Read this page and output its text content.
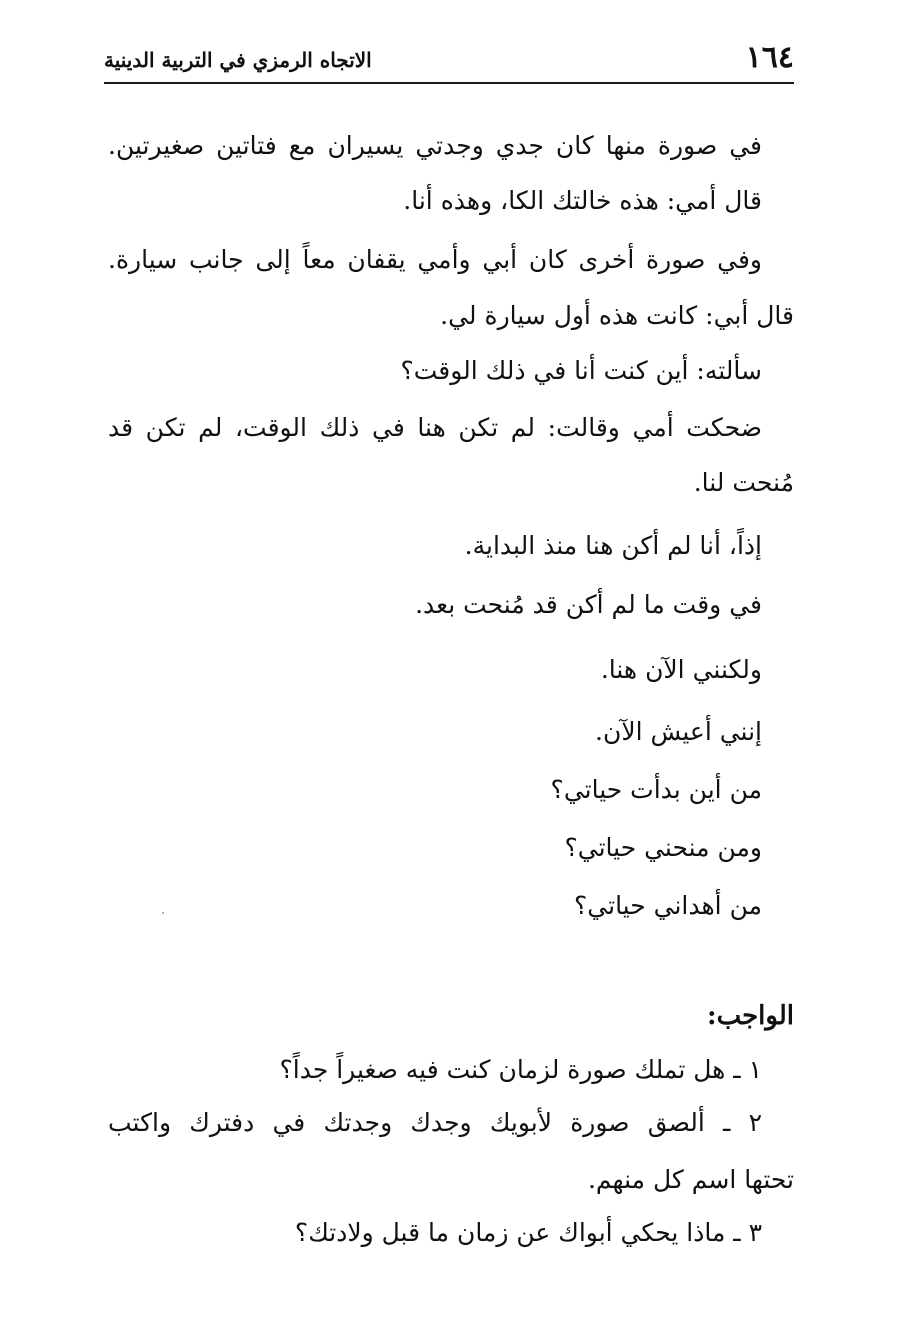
١٦٤
الاتجاه الرمزي في التربية الدينية
في صورة منها كان جدي وجدتي يسيران مع فتاتين صغيرتين.
قال أمي: هذه خالتك الكا، وهذه أنا.
وفي صورة أخرى كان أبي وأمي يقفان معاً إلى جانب سيارة.
قال أبي: كانت هذه أول سيارة لي.
سألته: أين كنت أنا في ذلك الوقت؟
ضحكت أمي وقالت: لم تكن هنا في ذلك الوقت، لم تكن قد
مُنحت لنا.
إذاً، أنا لم أكن هنا منذ البداية.
في وقت ما لم أكن قد مُنحت بعد.
ولكنني الآن هنا.
إنني أعيش الآن.
من أين بدأت حياتي؟
ومن منحني حياتي؟
من أهداني حياتي؟
الواجب:
١ ـ هل تملك صورة لزمان كنت فيه صغيراً جداً؟
٢ ـ ألصق صورة لأبويك وجدك وجدتك في دفترك واكتب
تحتها اسم كل منهم.
٣ ـ ماذا يحكي أبواك عن زمان ما قبل ولادتك؟
